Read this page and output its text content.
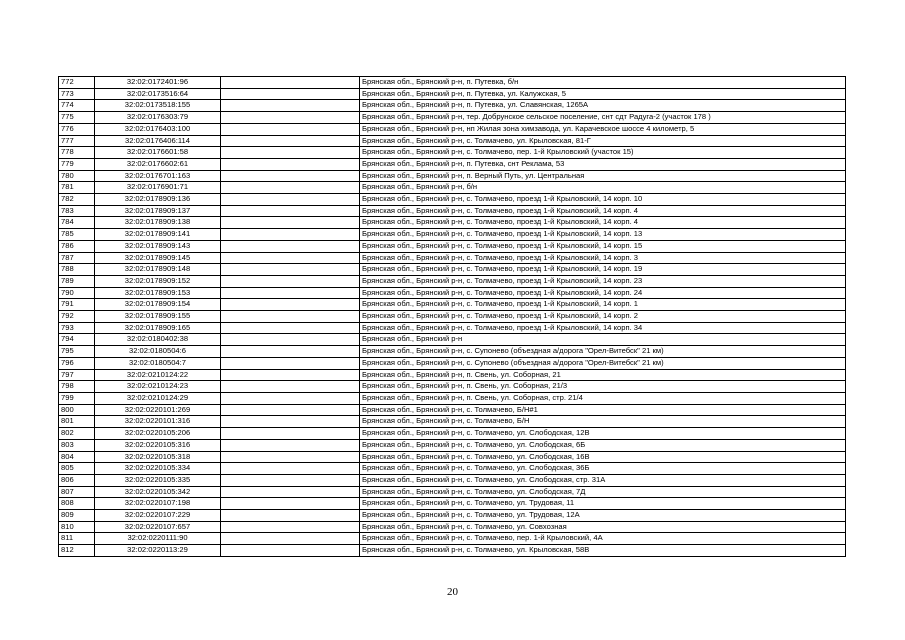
772	32:02:0172401:96		Брянская обл., Брянский р-н, п. Путевка, б/н
773	32:02:0173516:64		Брянская обл., Брянский р-н, п. Путевка, ул. Калужская, 5
774	32:02:0173518:155		Брянская обл., Брянский р-н, п. Путевка, ул. Славянская, 1265А
775	32:02:0176303:79		Брянская обл., Брянский р-н, тер. Добрунское сельское поселение, снт сдт Радуга-2 (участок 178 )
776	32:02:0176403:100		Брянская обл., Брянский р-н, нп Жилая зона химзавода, ул. Карачевское шоссе 4 километр, 5
777	32:02:0176406:114		Брянская обл., Брянский р-н, с. Толмачево, ул. Крыловская, 81-Г
778	32:02:0176601:58		Брянская обл., Брянский р-н, с. Толмачево, пер. 1-й Крыловский (участок 15)
779	32:02:0176602:61		Брянская обл., Брянский р-н, п. Путевка, снт Реклама, 53
780	32:02:0176701:163		Брянская обл., Брянский р-н, п. Верный Путь, ул. Центральная
781	32:02:0176901:71		Брянская обл., Брянский р-н, б/н
782	32:02:0178909:136		Брянская обл., Брянский р-н, с. Толмачево, проезд 1-й Крыловский, 14 корп. 10
783	32:02:0178909:137		Брянская обл., Брянский р-н, с. Толмачево, проезд 1-й Крыловский, 14 корп. 4
784	32:02:0178909:138		Брянская обл., Брянский р-н, с. Толмачево, проезд 1-й Крыловский, 14 корп. 4
785	32:02:0178909:141		Брянская обл., Брянский р-н, с. Толмачево, проезд 1-й Крыловский, 14 корп. 13
786	32:02:0178909:143		Брянская обл., Брянский р-н, с. Толмачево, проезд 1-й Крыловский, 14 корп. 15
787	32:02:0178909:145		Брянская обл., Брянский р-н, с. Толмачево, проезд 1-й Крыловский, 14 корп. 3
788	32:02:0178909:148		Брянская обл., Брянский р-н, с. Толмачево, проезд 1-й Крыловский, 14 корп. 19
789	32:02:0178909:152		Брянская обл., Брянский р-н, с. Толмачево, проезд 1-й Крыловский, 14 корп. 23
790	32:02:0178909:153		Брянская обл., Брянский р-н, с. Толмачево, проезд 1-й Крыловский, 14 корп. 24
791	32:02:0178909:154		Брянская обл., Брянский р-н, с. Толмачево, проезд 1-й Крыловский, 14 корп. 1
792	32:02:0178909:155		Брянская обл., Брянский р-н, с. Толмачево, проезд 1-й Крыловский, 14 корп. 2
793	32:02:0178909:165		Брянская обл., Брянский р-н, с. Толмачево, проезд 1-й Крыловский, 14 корп. 34
794	32:02:0180402:38		Брянская обл., Брянский р-н
795	32:02:0180504:6		Брянская обл., Брянский р-н, с. Супонево (объездная а/дорога "Орел-Витебск" 21 км)
796	32:02:0180504:7		Брянская обл., Брянский р-н, с. Супонево (объездная а/дорога "Орел-Витебск" 21 км)
797	32:02:0210124:22		Брянская обл., Брянский р-н, п. Свень, ул. Соборная, 21
798	32:02:0210124:23		Брянская обл., Брянский р-н, п. Свень, ул. Соборная, 21/3
799	32:02:0210124:29		Брянская обл., Брянский р-н, п. Свень, ул. Соборная, стр. 21/4
800	32:02:0220101:269		Брянская обл., Брянский р-н, с. Толмачево, Б/Н#1
801	32:02:0220101:316		Брянская обл., Брянский р-н, с. Толмачево, Б/Н
802	32:02:0220105:206		Брянская обл., Брянский р-н, с. Толмачево, ул. Слободская, 12В
803	32:02:0220105:316		Брянская обл., Брянский р-н, с. Толмачево, ул. Слободская, 6Б
804	32:02:0220105:318		Брянская обл., Брянский р-н, с. Толмачево, ул. Слободская, 16В
805	32:02:0220105:334		Брянская обл., Брянский р-н, с. Толмачево, ул. Слободская, 36Б
806	32:02:0220105:335		Брянская обл., Брянский р-н, с. Толмачево, ул. Слободская, стр. 31А
807	32:02:0220105:342		Брянская обл., Брянский р-н, с. Толмачево, ул. Слободская, 7Д
808	32:02:0220107:198		Брянская обл., Брянский р-н, с. Толмачево, ул. Трудовая, 11
809	32:02:0220107:229		Брянская обл., Брянский р-н, с. Толмачево, ул. Трудовая, 12А
810	32:02:0220107:657		Брянская обл., Брянский р-н, с. Толмачево, ул. Совхозная
811	32:02:0220111:90		Брянская обл., Брянский р-н, с. Толмачево, пер. 1-й Крыловский, 4А
812	32:02:0220113:29		Брянская обл., Брянский р-н, с. Толмачево, ул. Крыловская, 58В
20
